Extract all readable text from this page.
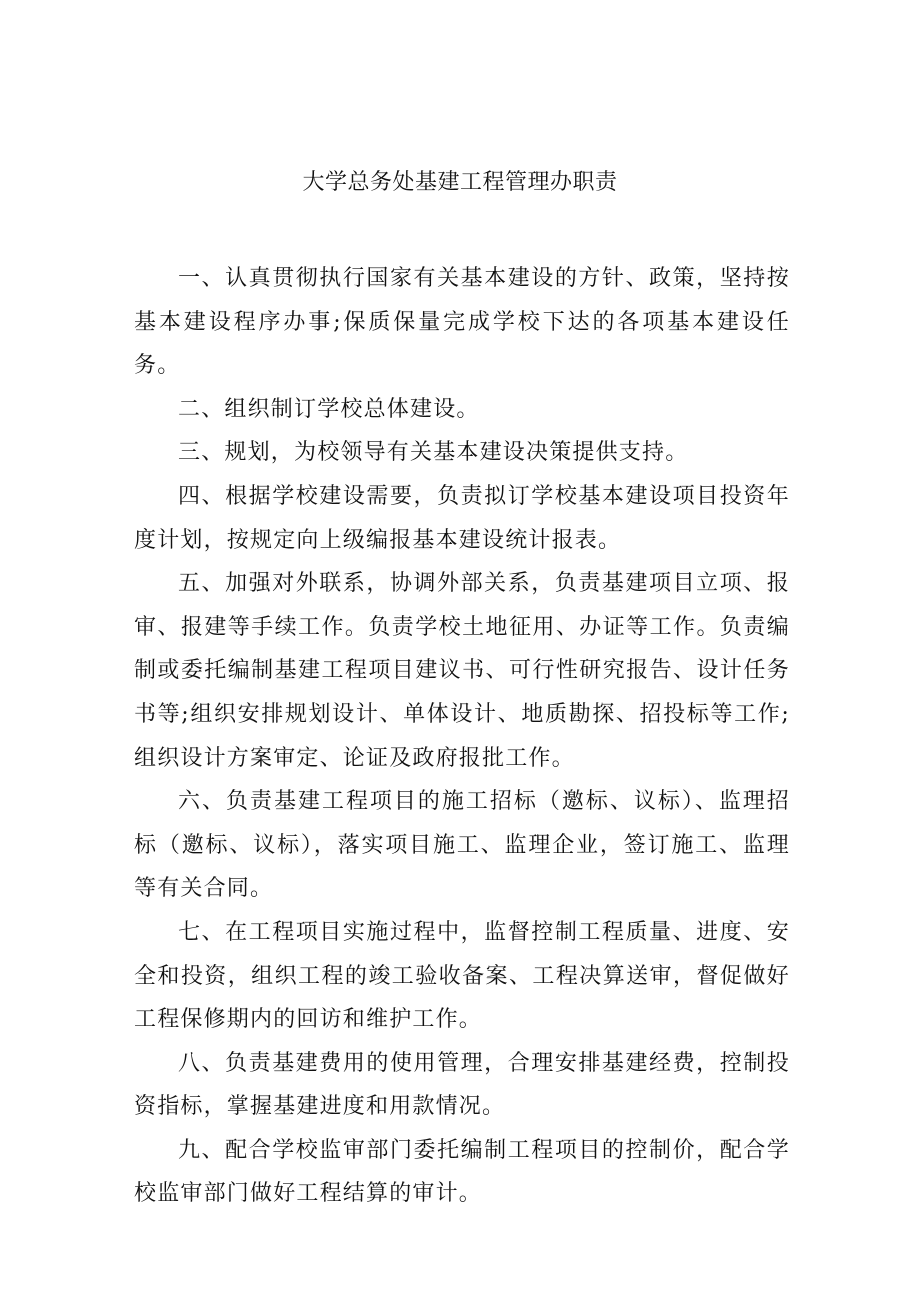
大学总务处基建工程管理办职责

一、认真贯彻执行国家有关基本建设的方针、政策，坚持按基本建设程序办事;保质保量完成学校下达的各项基本建设任务。

二、组织制订学校总体建设。

三、规划，为校领导有关基本建设决策提供支持。

四、根据学校建设需要，负责拟订学校基本建设项目投资年度计划，按规定向上级编报基本建设统计报表。

五、加强对外联系，协调外部关系，负责基建项目立项、报审、报建等手续工作。负责学校土地征用、办证等工作。负责编制或委托编制基建工程项目建议书、可行性研究报告、设计任务书等;组织安排规划设计、单体设计、地质勘探、招投标等工作;组织设计方案审定、论证及政府报批工作。

六、负责基建工程项目的施工招标（邀标、议标）、监理招标（邀标、议标），落实项目施工、监理企业，签订施工、监理等有关合同。

七、在工程项目实施过程中，监督控制工程质量、进度、安全和投资，组织工程的竣工验收备案、工程决算送审，督促做好工程保修期内的回访和维护工作。

八、负责基建费用的使用管理，合理安排基建经费，控制投资指标，掌握基建进度和用款情况。

九、配合学校监审部门委托编制工程项目的控制价，配合学校监审部门做好工程结算的审计。
